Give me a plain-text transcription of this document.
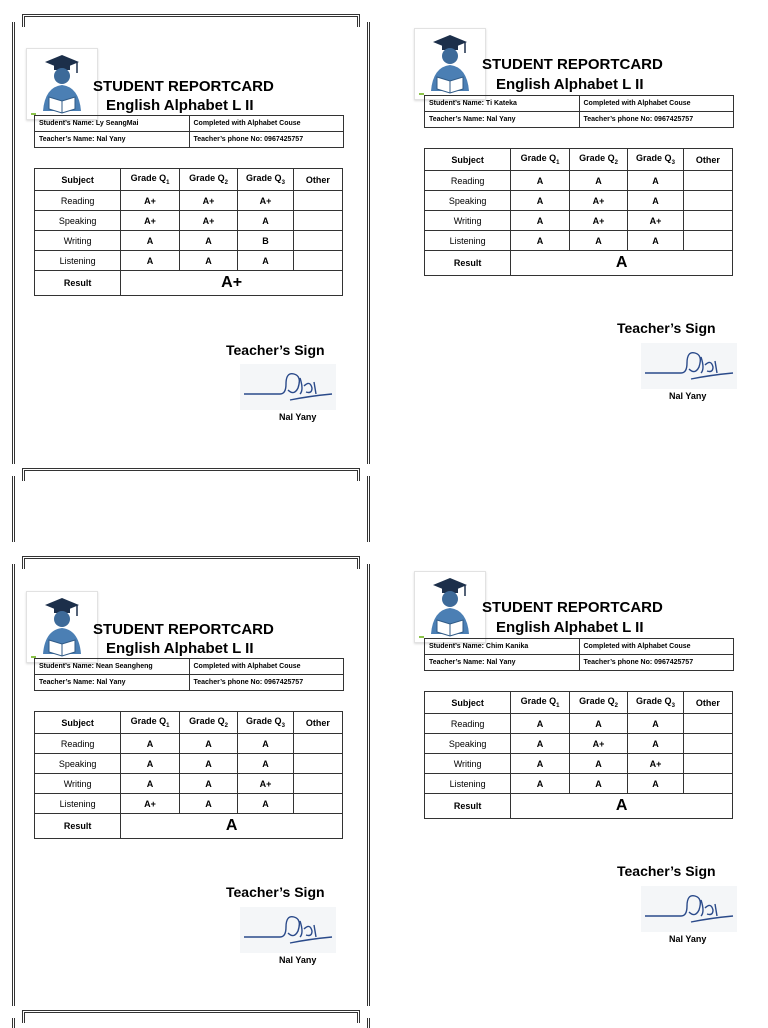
STUDENT REPORTCARD
English Alphabet L II
Student’s Name: Ly SeangMai	Completed with Alphabet Couse
Teacher’s Name: Nal Yany	Teacher’s phone No: 0967425757
Subject	Grade $Q_1$	Grade $Q_2$	Grade $Q_3$	Other
Reading	A+	A+	A+	
Speaking	A+	A+	A	
Writing	A	A	B	
Listening	A	A	A	
Result	A+			
Teacher’s Sign
Nal Yany
STUDENT REPORTCARD
English Alphabet L II
Student’s Name: Ti Kateka	Completed with Alphabet Couse
Teacher’s Name: Nal Yany	Teacher’s phone No: 0967425757
Subject	Grade $Q_1$	Grade $Q_2$	Grade $Q_3$	Other
Reading	A	A	A	
Speaking	A	A+	A	
Writing	A	A+	A+	
Listening	A	A	A	
Result	A			
Teacher’s Sign
Nal Yany
STUDENT REPORTCARD
English Alphabet L II
Student’s Name: Nean Seangheng	Completed with Alphabet Couse
Teacher’s Name: Nal Yany	Teacher’s phone No: 0967425757
Subject	Grade $Q_1$	Grade $Q_2$	Grade $Q_3$	Other
Reading	A	A	A	
Speaking	A	A	A	
Writing	A	A	A+	
Listening	A+	A	A	
Result	A			
Teacher’s Sign
Nal Yany
STUDENT REPORTCARD
English Alphabet L II
Student’s Name: Chim Kanika	Completed with Alphabet Couse
Teacher’s Name: Nal Yany	Teacher’s phone No: 0967425757
Subject	Grade $Q_1$	Grade $Q_2$	Grade $Q_3$	Other
Reading	A	A	A	
Speaking	A	A+	A	
Writing	A	A	A+	
Listening	A	A	A	
Result	A			
Teacher’s Sign
Nal Yany
